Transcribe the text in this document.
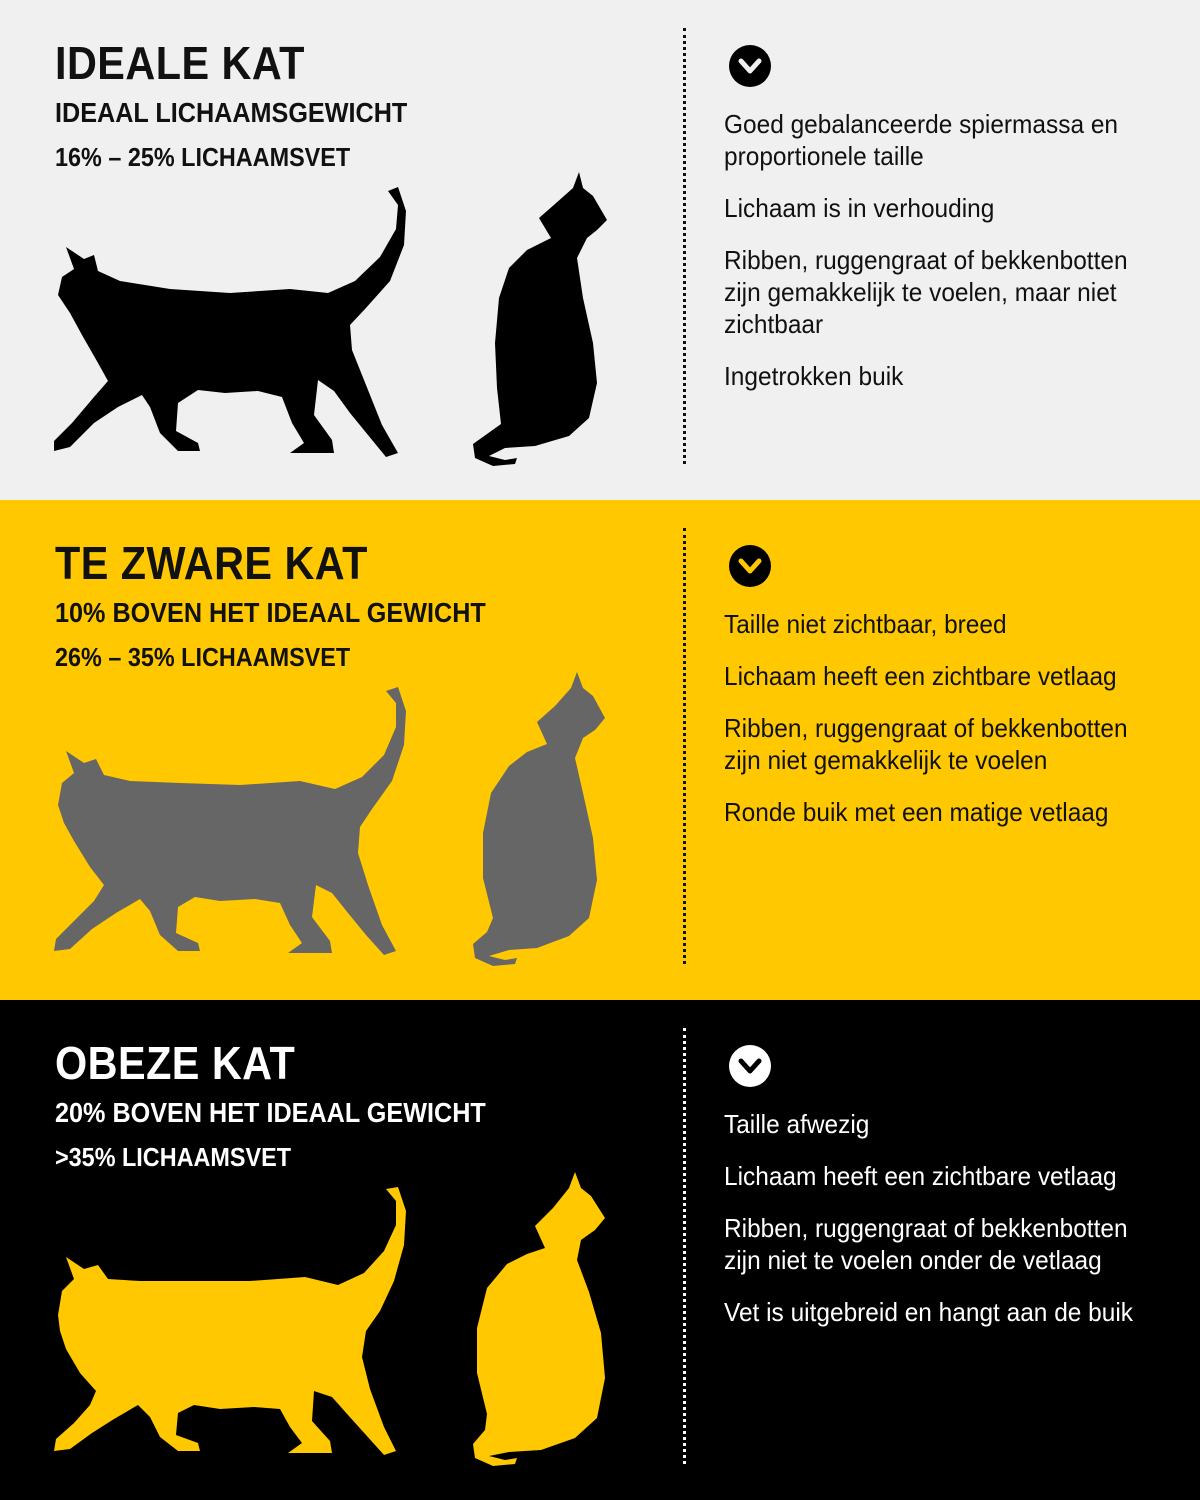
IDEALE KAT

IDEAAL LICHAAMSGEWICHT

16% – 25% LICHAAMSVET

Goed gebalanceerde spiermassa en proportionele taille
Lichaam is in verhouding
Ribben, ruggengraat of bekkenbotten zijn gemakkelijk te voelen, maar niet zichtbaar
Ingetrokken buik
TE ZWARE KAT

10% BOVEN HET IDEAAL GEWICHT

26% – 35% LICHAAMSVET

Taille niet zichtbaar, breed
Lichaam heeft een zichtbare vetlaag
Ribben, ruggengraat of bekkenbotten zijn niet gemakkelijk te voelen
Ronde buik met een matige vetlaag
OBEZE KAT

20% BOVEN HET IDEAAL GEWICHT

>35% LICHAAMSVET

Taille afwezig
Lichaam heeft een zichtbare vetlaag
Ribben, ruggengraat of bekkenbotten zijn niet te voelen onder de vetlaag
Vet is uitgebreid en hangt aan de buik
